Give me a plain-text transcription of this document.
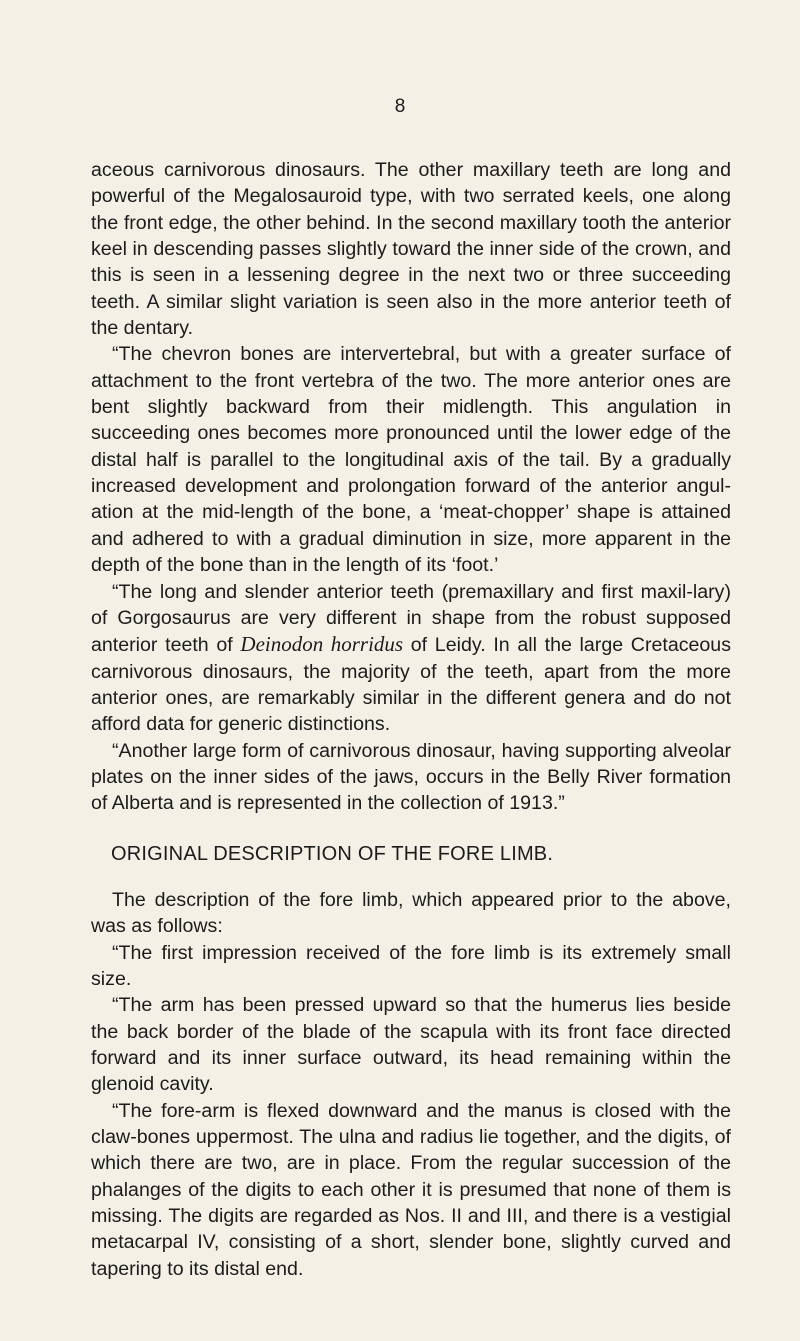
8

aceous carnivorous dinosaurs. The other maxillary teeth are long and powerful of the Megalosauroid type, with two serrated keels, one along the front edge, the other behind. In the second maxillary tooth the anterior keel in descending passes slightly toward the inner side of the crown, and this is seen in a lessening degree in the next two or three succeeding teeth. A similar slight variation is seen also in the more anterior teeth of the dentary.

“The chevron bones are intervertebral, but with a greater surface of attachment to the front vertebra of the two. The more anterior ones are bent slightly backward from their midlength. This angulation in succeeding ones becomes more pronounced until the lower edge of the distal half is parallel to the longitudinal axis of the tail. By a gradually increased development and prolongation forward of the anterior angul-ation at the mid-length of the bone, a ‘meat-chopper’ shape is attained and adhered to with a gradual diminution in size, more apparent in the depth of the bone than in the length of its ‘foot.’

“The long and slender anterior teeth (premaxillary and first maxil-lary) of Gorgosaurus are very different in shape from the robust supposed anterior teeth of Deinodon horridus of Leidy. In all the large Cretaceous carnivorous dinosaurs, the majority of the teeth, apart from the more anterior ones, are remarkably similar in the different genera and do not afford data for generic distinctions.

“Another large form of carnivorous dinosaur, having supporting alveolar plates on the inner sides of the jaws, occurs in the Belly River formation of Alberta and is represented in the collection of 1913.”

ORIGINAL DESCRIPTION OF THE FORE LIMB.

The description of the fore limb, which appeared prior to the above, was as follows:

“The first impression received of the fore limb is its extremely small size.

“The arm has been pressed upward so that the humerus lies beside the back border of the blade of the scapula with its front face directed forward and its inner surface outward, its head remaining within the glenoid cavity.

“The fore-arm is flexed downward and the manus is closed with the claw-bones uppermost. The ulna and radius lie together, and the digits, of which there are two, are in place. From the regular succession of the phalanges of the digits to each other it is presumed that none of them is missing. The digits are regarded as Nos. II and III, and there is a vestigial metacarpal IV, consisting of a short, slender bone, slightly curved and tapering to its distal end.
